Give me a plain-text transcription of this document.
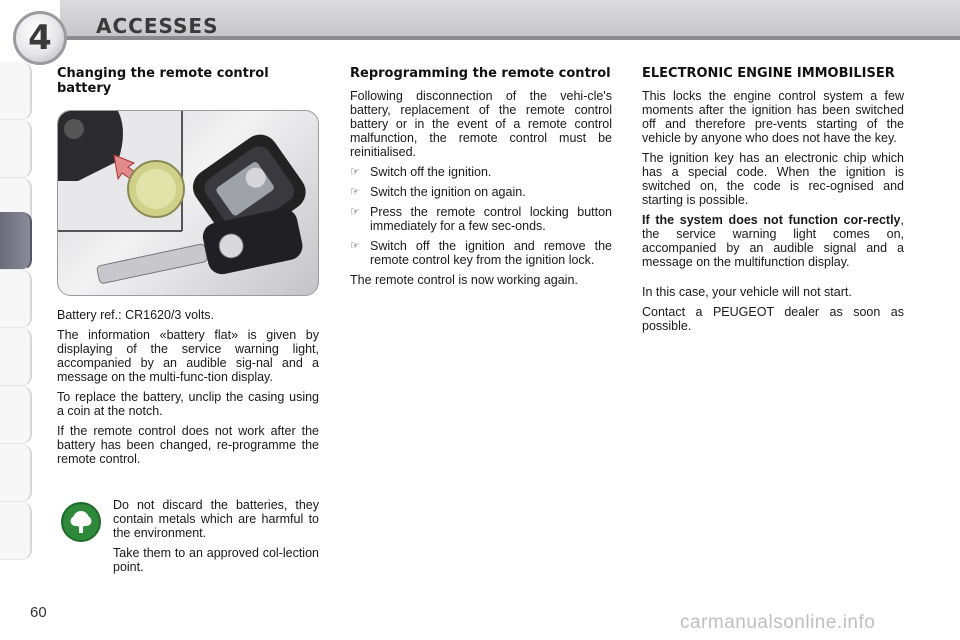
4 ACCESSES
Changing the remote control battery

Battery ref.: CR1620/3 volts.

The information «battery flat» is given by displaying of the service warning light, accompanied by an audible sig-nal and a message on the multi-func-tion display.

To replace the battery, unclip the casing using a coin at the notch.

If the remote control does not work after the battery has been changed, re-programme the remote control.

Do not discard the batteries, they contain metals which are harmful to the environment.

Take them to an approved col-lection point.

Reprogramming the remote control

Following disconnection of the vehi-cle's battery, replacement of the remote control battery or in the event of a remote control malfunction, the remote control must be reinitialised.

☞ Switch off the ignition.
☞ Switch the ignition on again.
☞ Press the remote control locking button immediately for a few sec-onds.
☞ Switch off the ignition and remove the remote control key from the ignition lock.

The remote control is now working again.

ELECTRONIC ENGINE IMMOBILISER

This locks the engine control system a few moments after the ignition has been switched off and therefore pre-vents starting of the vehicle by anyone who does not have the key.

The ignition key has an electronic chip which has a special code. When the ignition is switched on, the code is rec-ognised and starting is possible.

If the system does not function cor-rectly, the service warning light comes on, accompanied by an audible signal and a message on the multifunction display.

In this case, your vehicle will not start.

Contact a PEUGEOT dealer as soon as possible.

60	carmanualsonline.info
